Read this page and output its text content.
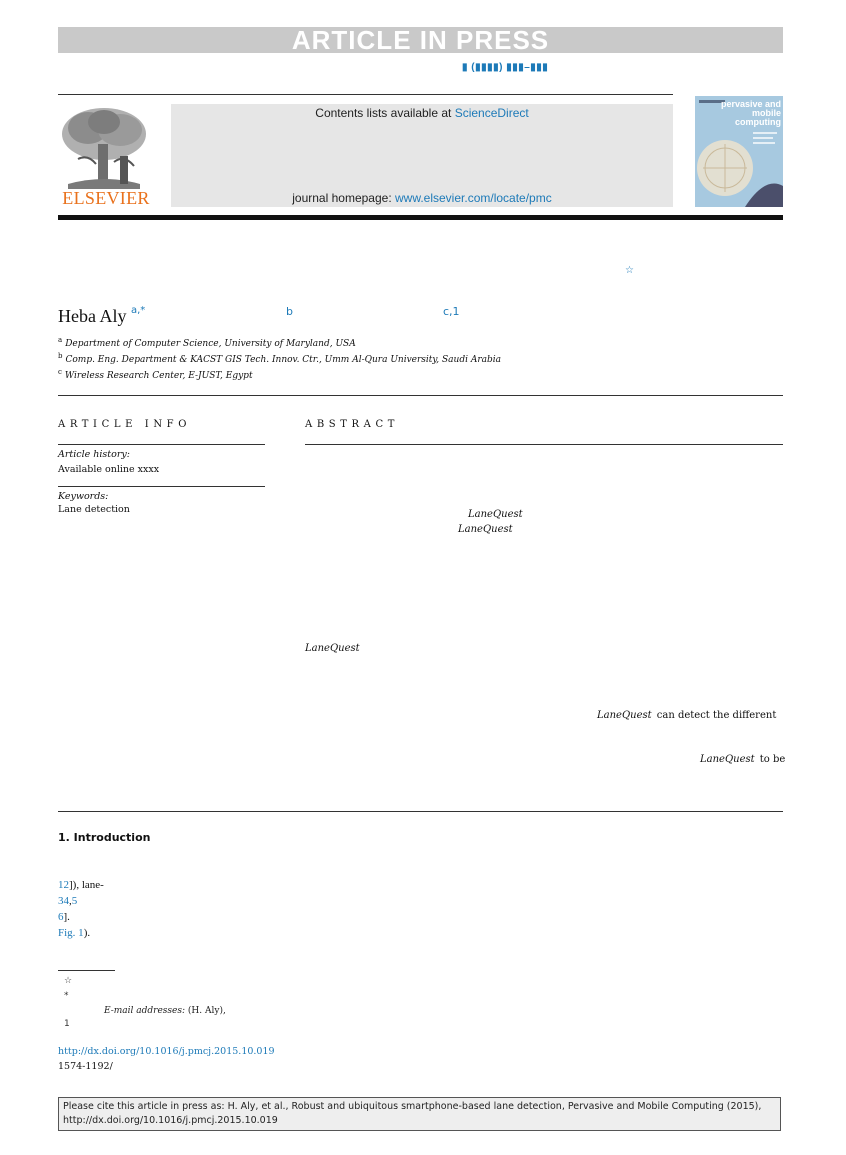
ARTICLE IN PRESS
▮ (▮▮▮▮) ▮▮▮–▮▮▮
ELSEVIER
Contents lists available at ScienceDirect
journal homepage: www.elsevier.com/locate/pmc
pervasive and mobile computing
☆
Heba Aly a,*	b	c,1
$^a$ Department of Computer Science, University of Maryland, USA
$^b$ Comp. Eng. Department & KACST GIS Tech. Innov. Ctr., Umm Al-Qura University, Saudi Arabia
$^c$ Wireless Research Center, E-JUST, Egypt
ARTICLE INFO
Article history:
Available online xxxx
Keywords:
Lane detection
ABSTRACT
LaneQuest
LaneQuest
LaneQuest
LaneQuest can detect the different
LaneQuest to be
1. Introduction
12]), lane-
34,5
6].
Fig. 1).
☆
*
E-mail addresses: (H. Aly),
1
http://dx.doi.org/10.1016/j.pmcj.2015.10.019
1574-1192/
Please cite this article in press as: H. Aly, et al., Robust and ubiquitous smartphone-based lane detection, Pervasive and Mobile Computing (2015),
http://dx.doi.org/10.1016/j.pmcj.2015.10.019
